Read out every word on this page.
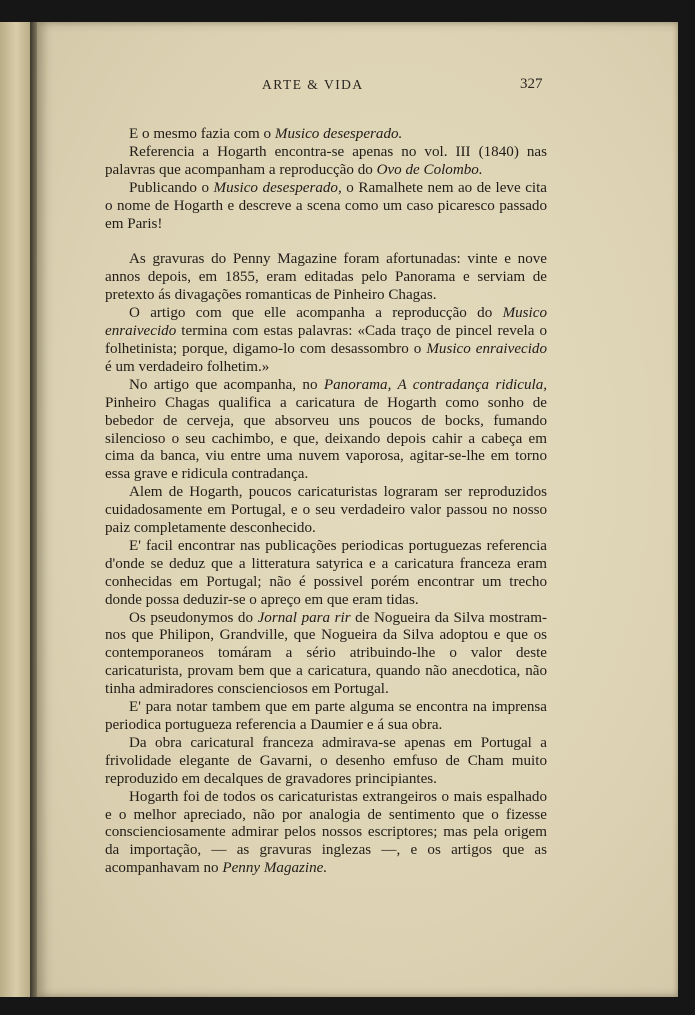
ARTE & VIDA	327

E o mesmo fazia com o Musico desesperado.

Referencia a Hogarth encontra-se apenas no vol. III (1840) nas palavras que acompanham a reproducção do Ovo de Colombo.

Publicando o Musico desesperado, o Ramalhete nem ao de leve cita o nome de Hogarth e descreve a scena como um caso picaresco passado em Paris!

As gravuras do Penny Magazine foram afortunadas: vinte e nove annos depois, em 1855, eram editadas pelo Panorama e serviam de pretexto ás divagações romanticas de Pinheiro Chagas.

O artigo com que elle acompanha a reproducção do Musico enraivecido termina com estas palavras: «Cada traço de pincel revela o folhetinista; porque, digamo-lo com desassombro o Musico enraivecido é um verdadeiro folhetim.»

No artigo que acompanha, no Panorama, A contradança ridicula, Pinheiro Chagas qualifica a caricatura de Hogarth como sonho de bebedor de cerveja, que absorveu uns poucos de bocks, fumando silencioso o seu cachimbo, e que, deixando depois cahir a cabeça em cima da banca, viu entre uma nuvem vaporosa, agitar-se-lhe em torno essa grave e ridicula contradança.

Alem de Hogarth, poucos caricaturistas lograram ser reproduzidos cuidadosamente em Portugal, e o seu verdadeiro valor passou no nosso paiz completamente desconhecido.

E' facil encontrar nas publicações periodicas portuguezas referencia d'onde se deduz que a litteratura satyrica e a caricatura franceza eram conhecidas em Portugal; não é possivel porém encontrar um trecho donde possa deduzir-se o apreço em que eram tidas.

Os pseudonymos do Jornal para rir de Nogueira da Silva mostram-nos que Philipon, Grandville, que Nogueira da Silva adoptou e que os contemporaneos tomáram a sério atribuindo-lhe o valor deste caricaturista, provam bem que a caricatura, quando não anecdotica, não tinha admiradores conscienciosos em Portugal.

E' para notar tambem que em parte alguma se encontra na imprensa periodica portugueza referencia a Daumier e á sua obra.

Da obra caricatural franceza admirava-se apenas em Portugal a frivolidade elegante de Gavarni, o desenho emfuso de Cham muito reproduzido em decalques de gravadores principiantes.

Hogarth foi de todos os caricaturistas extrangeiros o mais espalhado e o melhor apreciado, não por analogia de sentimento que o fizesse conscienciosamente admirar pelos nossos escriptores; mas pela origem da importação, — as gravuras inglezas —, e os artigos que as acompanhavam no Penny Magazine.
